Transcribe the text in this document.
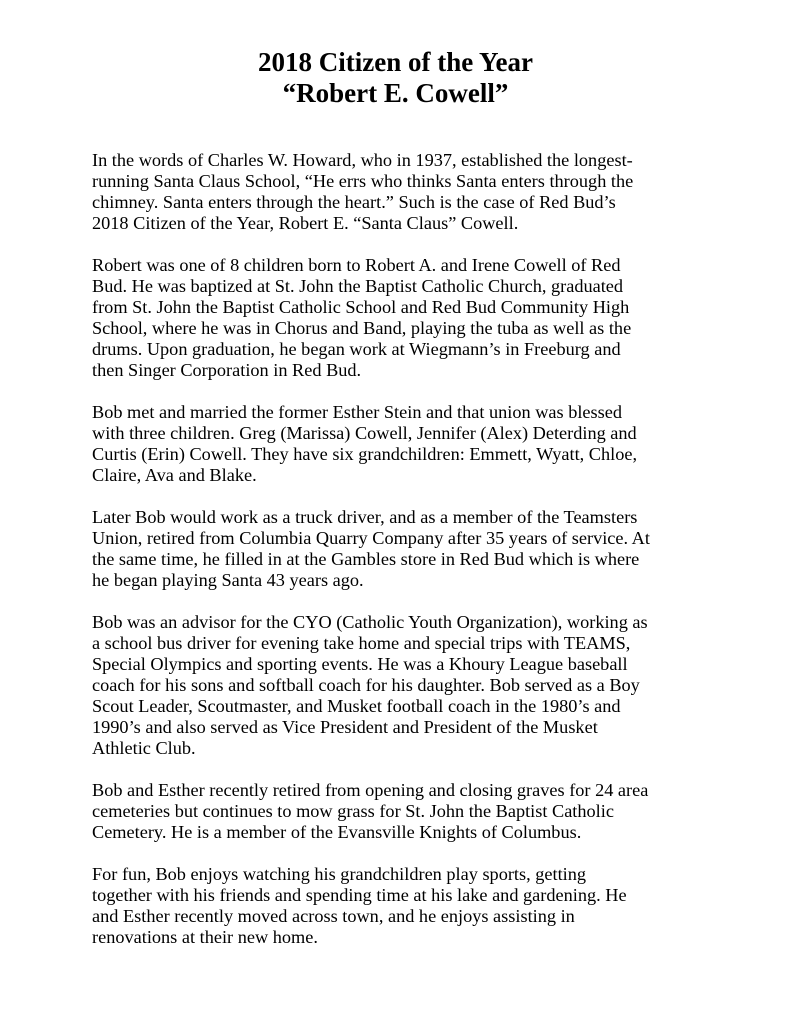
2018 Citizen of the Year
“Robert E. Cowell”

In the words of Charles W. Howard, who in 1937, established the longest-
running Santa Claus School, “He errs who thinks Santa enters through the
chimney. Santa enters through the heart.” Such is the case of Red Bud’s
2018 Citizen of the Year, Robert E. “Santa Claus” Cowell.

Robert was one of 8 children born to Robert A. and Irene Cowell of Red
Bud. He was baptized at St. John the Baptist Catholic Church, graduated
from St. John the Baptist Catholic School and Red Bud Community High
School, where he was in Chorus and Band, playing the tuba as well as the
drums. Upon graduation, he began work at Wiegmann’s in Freeburg and
then Singer Corporation in Red Bud.

Bob met and married the former Esther Stein and that union was blessed
with three children. Greg (Marissa) Cowell, Jennifer (Alex) Deterding and
Curtis (Erin) Cowell. They have six grandchildren: Emmett, Wyatt, Chloe,
Claire, Ava and Blake.

Later Bob would work as a truck driver, and as a member of the Teamsters
Union, retired from Columbia Quarry Company after 35 years of service. At
the same time, he filled in at the Gambles store in Red Bud which is where
he began playing Santa 43 years ago.

Bob was an advisor for the CYO (Catholic Youth Organization), working as
a school bus driver for evening take home and special trips with TEAMS,
Special Olympics and sporting events. He was a Khoury League baseball
coach for his sons and softball coach for his daughter. Bob served as a Boy
Scout Leader, Scoutmaster, and Musket football coach in the 1980’s and
1990’s and also served as Vice President and President of the Musket
Athletic Club.

Bob and Esther recently retired from opening and closing graves for 24 area
cemeteries but continues to mow grass for St. John the Baptist Catholic
Cemetery. He is a member of the Evansville Knights of Columbus.

For fun, Bob enjoys watching his grandchildren play sports, getting
together with his friends and spending time at his lake and gardening. He
and Esther recently moved across town, and he enjoys assisting in
renovations at their new home.
